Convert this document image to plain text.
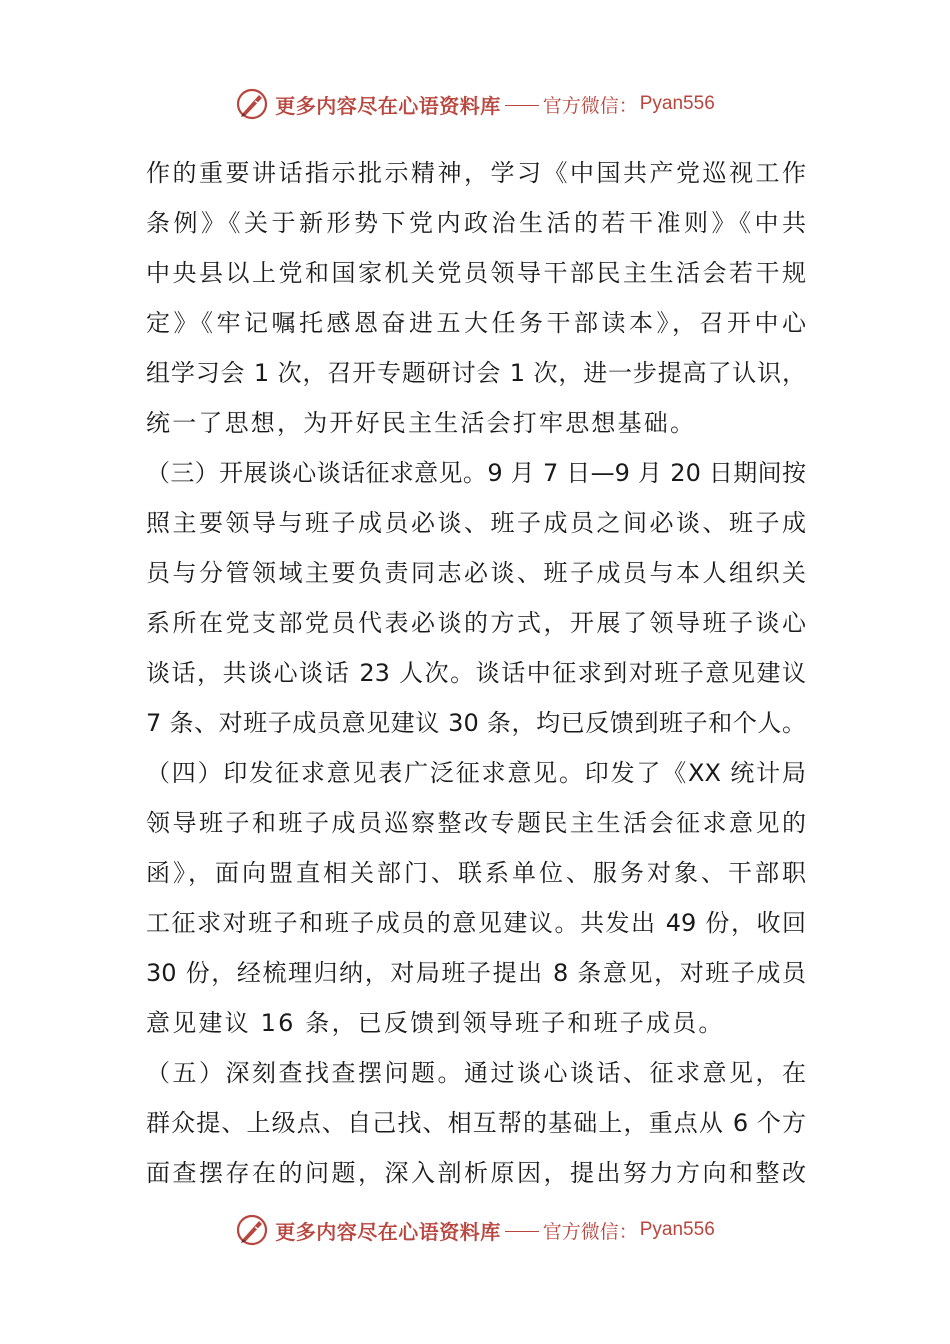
更多内容尽在心语资料库 官方微信： Pyan556
作的重要讲话指示批示精神，学习《中国共产党巡视工作
条例》《关于新形势下党内政治生活的若干准则》《中共
中央县以上党和国家机关党员领导干部民主生活会若干规
定》《牢记嘱托感恩奋进五大任务干部读本》，召开中心
组学习会 1 次，召开专题研讨会 1 次，进一步提高了认识，
统一了思想，为开好民主生活会打牢思想基础。
（三）开展谈心谈话征求意见。9 月 7 日—9 月 20 日期间按
照主要领导与班子成员必谈、班子成员之间必谈、班子成
员与分管领域主要负责同志必谈、班子成员与本人组织关
系所在党支部党员代表必谈的方式，开展了领导班子谈心
谈话，共谈心谈话 23 人次。谈话中征求到对班子意见建议
7 条、对班子成员意见建议 30 条，均已反馈到班子和个人。
（四）印发征求意见表广泛征求意见。印发了《XX 统计局
领导班子和班子成员巡察整改专题民主生活会征求意见的
函》，面向盟直相关部门、联系单位、服务对象、干部职
工征求对班子和班子成员的意见建议。共发出 49 份，收回
30 份，经梳理归纳，对局班子提出 8 条意见，对班子成员
意见建议 16 条，已反馈到领导班子和班子成员。
（五）深刻查找查摆问题。通过谈心谈话、征求意见，在
群众提、上级点、自己找、相互帮的基础上，重点从 6 个方
面查摆存在的问题，深入剖析原因，提出努力方向和整改
更多内容尽在心语资料库 官方微信： Pyan556
